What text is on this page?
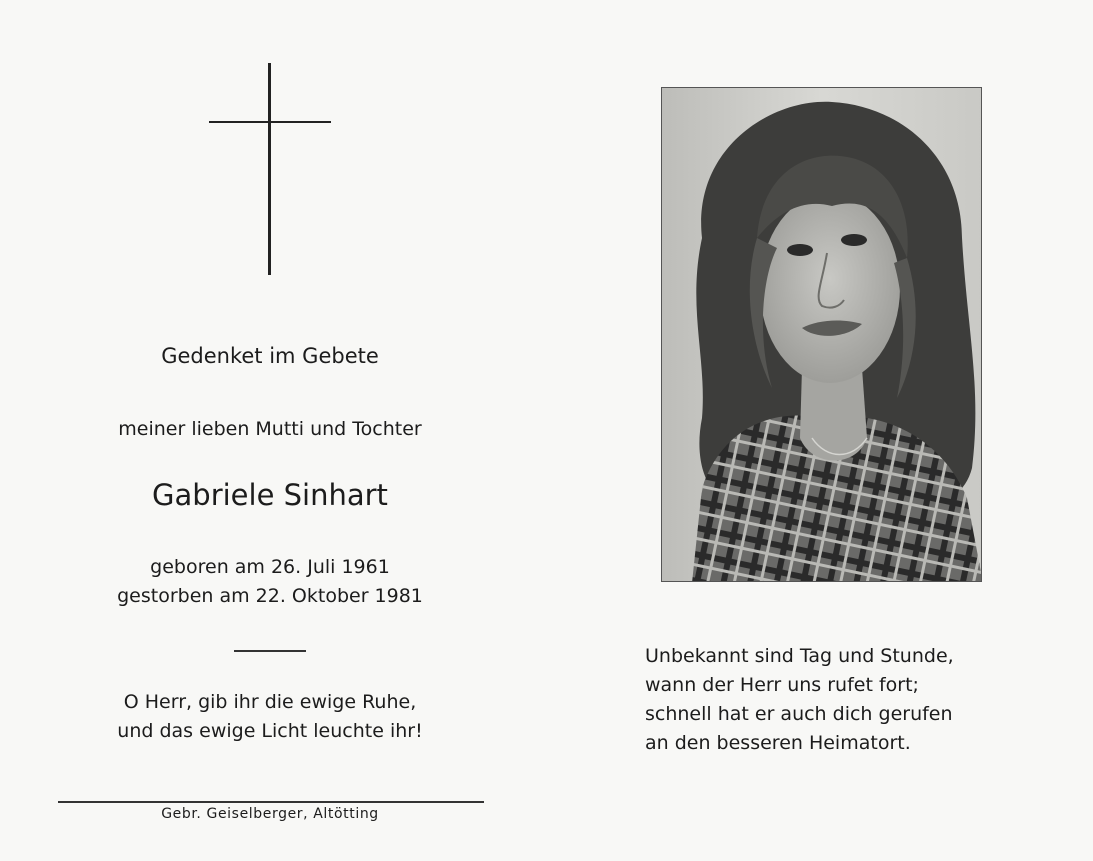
Gedenket im Gebete
meiner lieben Mutti und Tochter
Gabriele Sinhart
geboren am 26. Juli 1961
gestorben am 22. Oktober 1981
O Herr, gib ihr die ewige Ruhe,
und das ewige Licht leuchte ihr!
Gebr. Geiselberger, Altötting
Unbekannt sind Tag und Stunde,
wann der Herr uns rufet fort;
schnell hat er auch dich gerufen
an den besseren Heimatort.
